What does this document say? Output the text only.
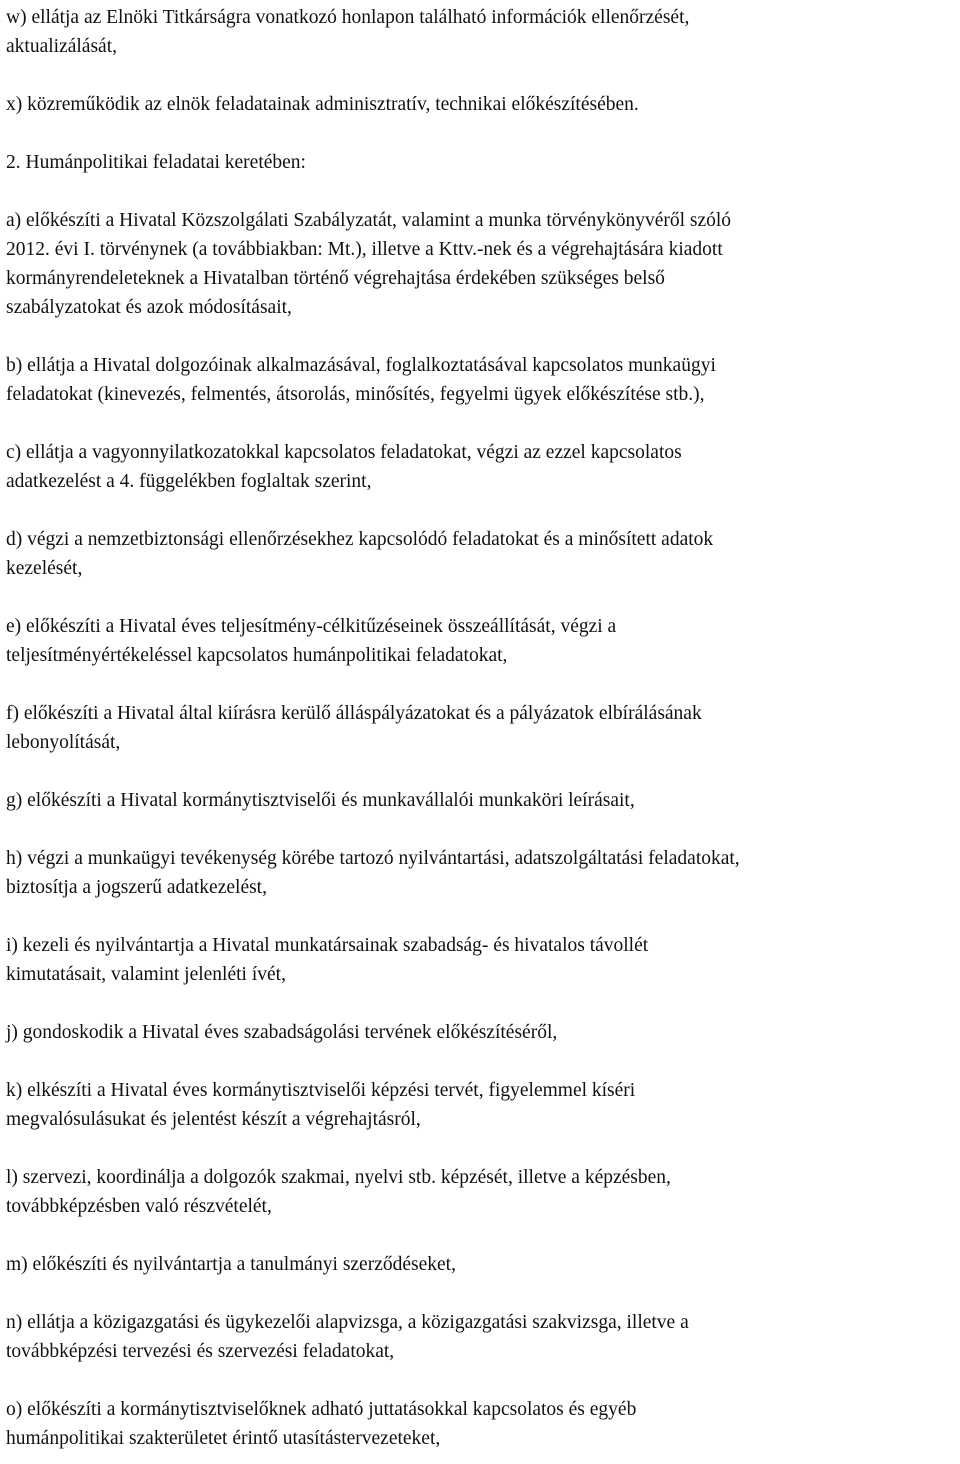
w) ellátja az Elnöki Titkárságra vonatkozó honlapon található információk ellenőrzését,
aktualizálását,
x) közreműködik az elnök feladatainak adminisztratív, technikai előkészítésében.
2. Humánpolitikai feladatai keretében:
a) előkészíti a Hivatal Közszolgálati Szabályzatát, valamint a munka törvénykönyvéről szóló
2012. évi I. törvénynek (a továbbiakban: Mt.), illetve a Kttv.-nek és a végrehajtására kiadott
kormányrendeleteknek a Hivatalban történő végrehajtása érdekében szükséges belső
szabályzatokat és azok módosításait,
b) ellátja a Hivatal dolgozóinak alkalmazásával, foglalkoztatásával kapcsolatos munkaügyi
feladatokat (kinevezés, felmentés, átsorolás, minősítés, fegyelmi ügyek előkészítése stb.),
c) ellátja a vagyonnyilatkozatokkal kapcsolatos feladatokat, végzi az ezzel kapcsolatos
adatkezelést a 4. függelékben foglaltak szerint,
d) végzi a nemzetbiztonsági ellenőrzésekhez kapcsolódó feladatokat és a minősített adatok
kezelését,
e) előkészíti a Hivatal éves teljesítmény-célkitűzéseinek összeállítását, végzi a
teljesítményértékeléssel kapcsolatos humánpolitikai feladatokat,
f) előkészíti a Hivatal által kiírásra kerülő álláspályázatokat és a pályázatok elbírálásának
lebonyolítását,
g) előkészíti a Hivatal kormánytisztviselői és munkavállalói munkaköri leírásait,
h) végzi a munkaügyi tevékenység körébe tartozó nyilvántartási, adatszolgáltatási feladatokat,
biztosítja a jogszerű adatkezelést,
i) kezeli és nyilvántartja a Hivatal munkatársainak szabadság- és hivatalos távollét
kimutatásait, valamint jelenléti ívét,
j) gondoskodik a Hivatal éves szabadságolási tervének előkészítéséről,
k) elkészíti a Hivatal éves kormánytisztviselői képzési tervét, figyelemmel kíséri
megvalósulásukat és jelentést készít a végrehajtásról,
l) szervezi, koordinálja a dolgozók szakmai, nyelvi stb. képzését, illetve a képzésben,
továbbképzésben való részvételét,
m) előkészíti és nyilvántartja a tanulmányi szerződéseket,
n) ellátja a közigazgatási és ügykezelői alapvizsga, a közigazgatási szakvizsga, illetve a
továbbképzési tervezési és szervezési feladatokat,
o) előkészíti a kormánytisztviselőknek adható juttatásokkal kapcsolatos és egyéb
humánpolitikai szakterületet érintő utasítástervezeteket,
